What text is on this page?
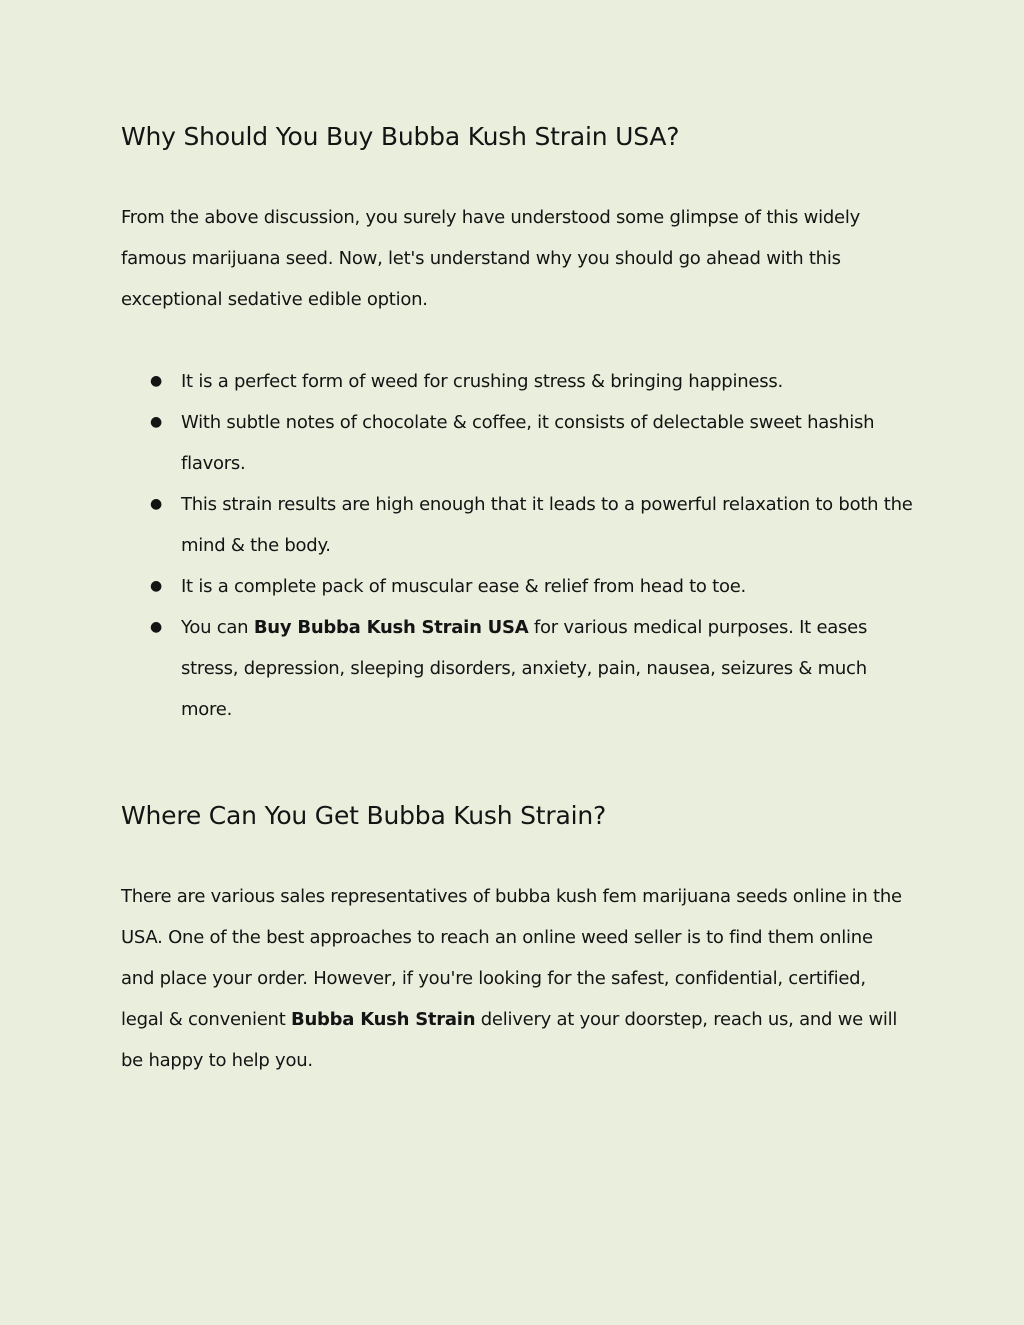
Why Should You Buy Bubba Kush Strain USA?

From the above discussion, you surely have understood some glimpse of this widely famous marijuana seed. Now, let's understand why you should go ahead with this exceptional sedative edible option.

● It is a perfect form of weed for crushing stress & bringing happiness.
● With subtle notes of chocolate & coffee, it consists of delectable sweet hashish flavors.
● This strain results are high enough that it leads to a powerful relaxation to both the mind & the body.
● It is a complete pack of muscular ease & relief from head to toe.
● You can Buy Bubba Kush Strain USA for various medical purposes. It eases stress, depression, sleeping disorders, anxiety, pain, nausea, seizures & much more.
Where Can You Get Bubba Kush Strain?

There are various sales representatives of bubba kush fem marijuana seeds online in the USA. One of the best approaches to reach an online weed seller is to find them online and place your order. However, if you're looking for the safest, confidential, certified, legal & convenient Bubba Kush Strain delivery at your doorstep, reach us, and we will be happy to help you.
